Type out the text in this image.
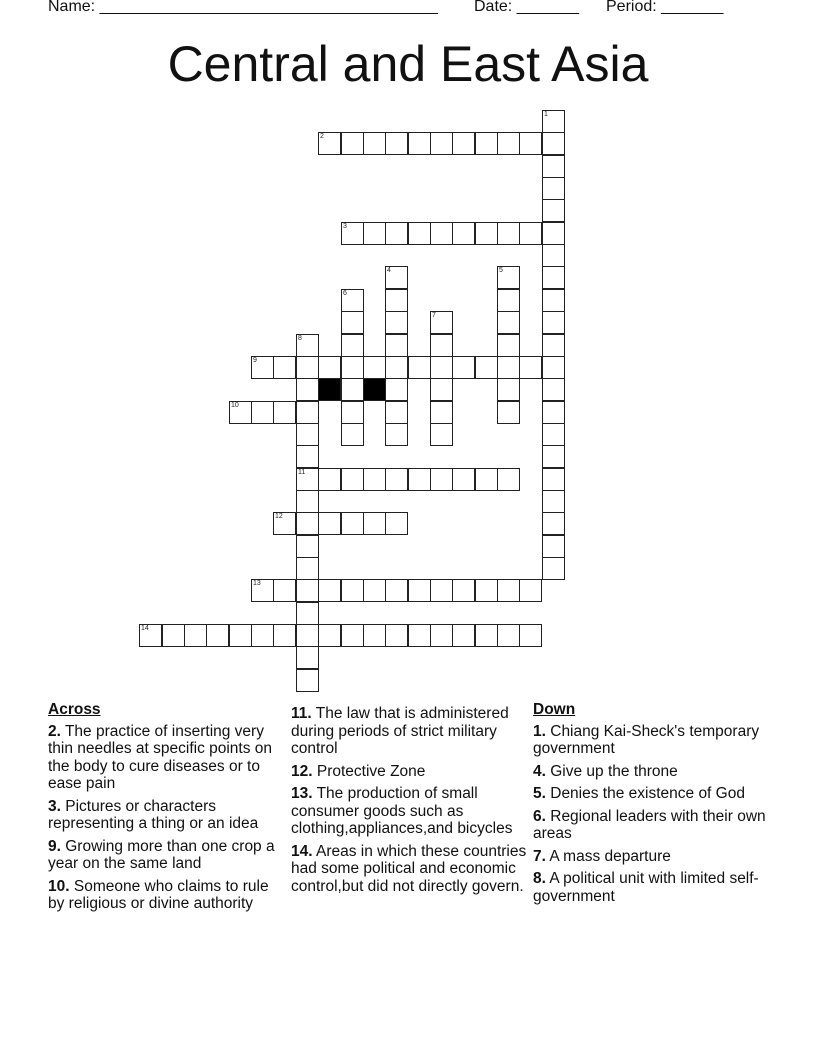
Name: ______________________________________ Date: _______ Period: _______
Central and East Asia
2
3
9
10
11
12
13
14
1
4	5
6
7
8
Across
2. The practice of inserting very thin needles at specific points on the body to cure diseases or to ease pain
3. Pictures or characters representing a thing or an idea
9. Growing more than one crop a year on the same land
10. Someone who claims to rule by religious or divine authority
11. The law that is administered during periods of strict military control
12. Protective Zone
13. The production of small consumer goods such as clothing,appliances,and bicycles
14. Areas in which these countries had some political and economic control,but did not directly govern.
Down
1. Chiang Kai-Sheck's temporary government
4. Give up the throne
5. Denies the existence of God
6. Regional leaders with their own areas
7. A mass departure
8. A political unit with limited self-government
